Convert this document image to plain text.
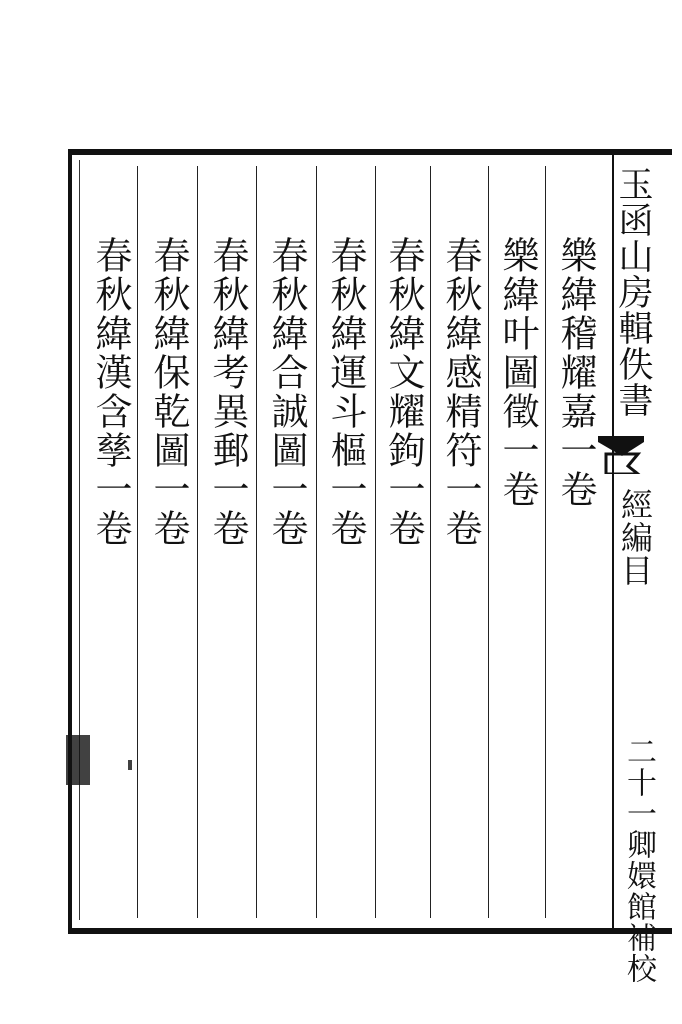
玉函山房輯佚書
經編目
二十一卿嬛館補校
樂緯稽耀嘉一卷
樂緯叶圖徵一卷
春秋緯感精符一卷
春秋緯文耀鉤一卷
春秋緯運斗樞一卷
春秋緯合誠圖一卷
春秋緯考異郵一卷
春秋緯保乾圖一卷
春秋緯漢含孳一卷
